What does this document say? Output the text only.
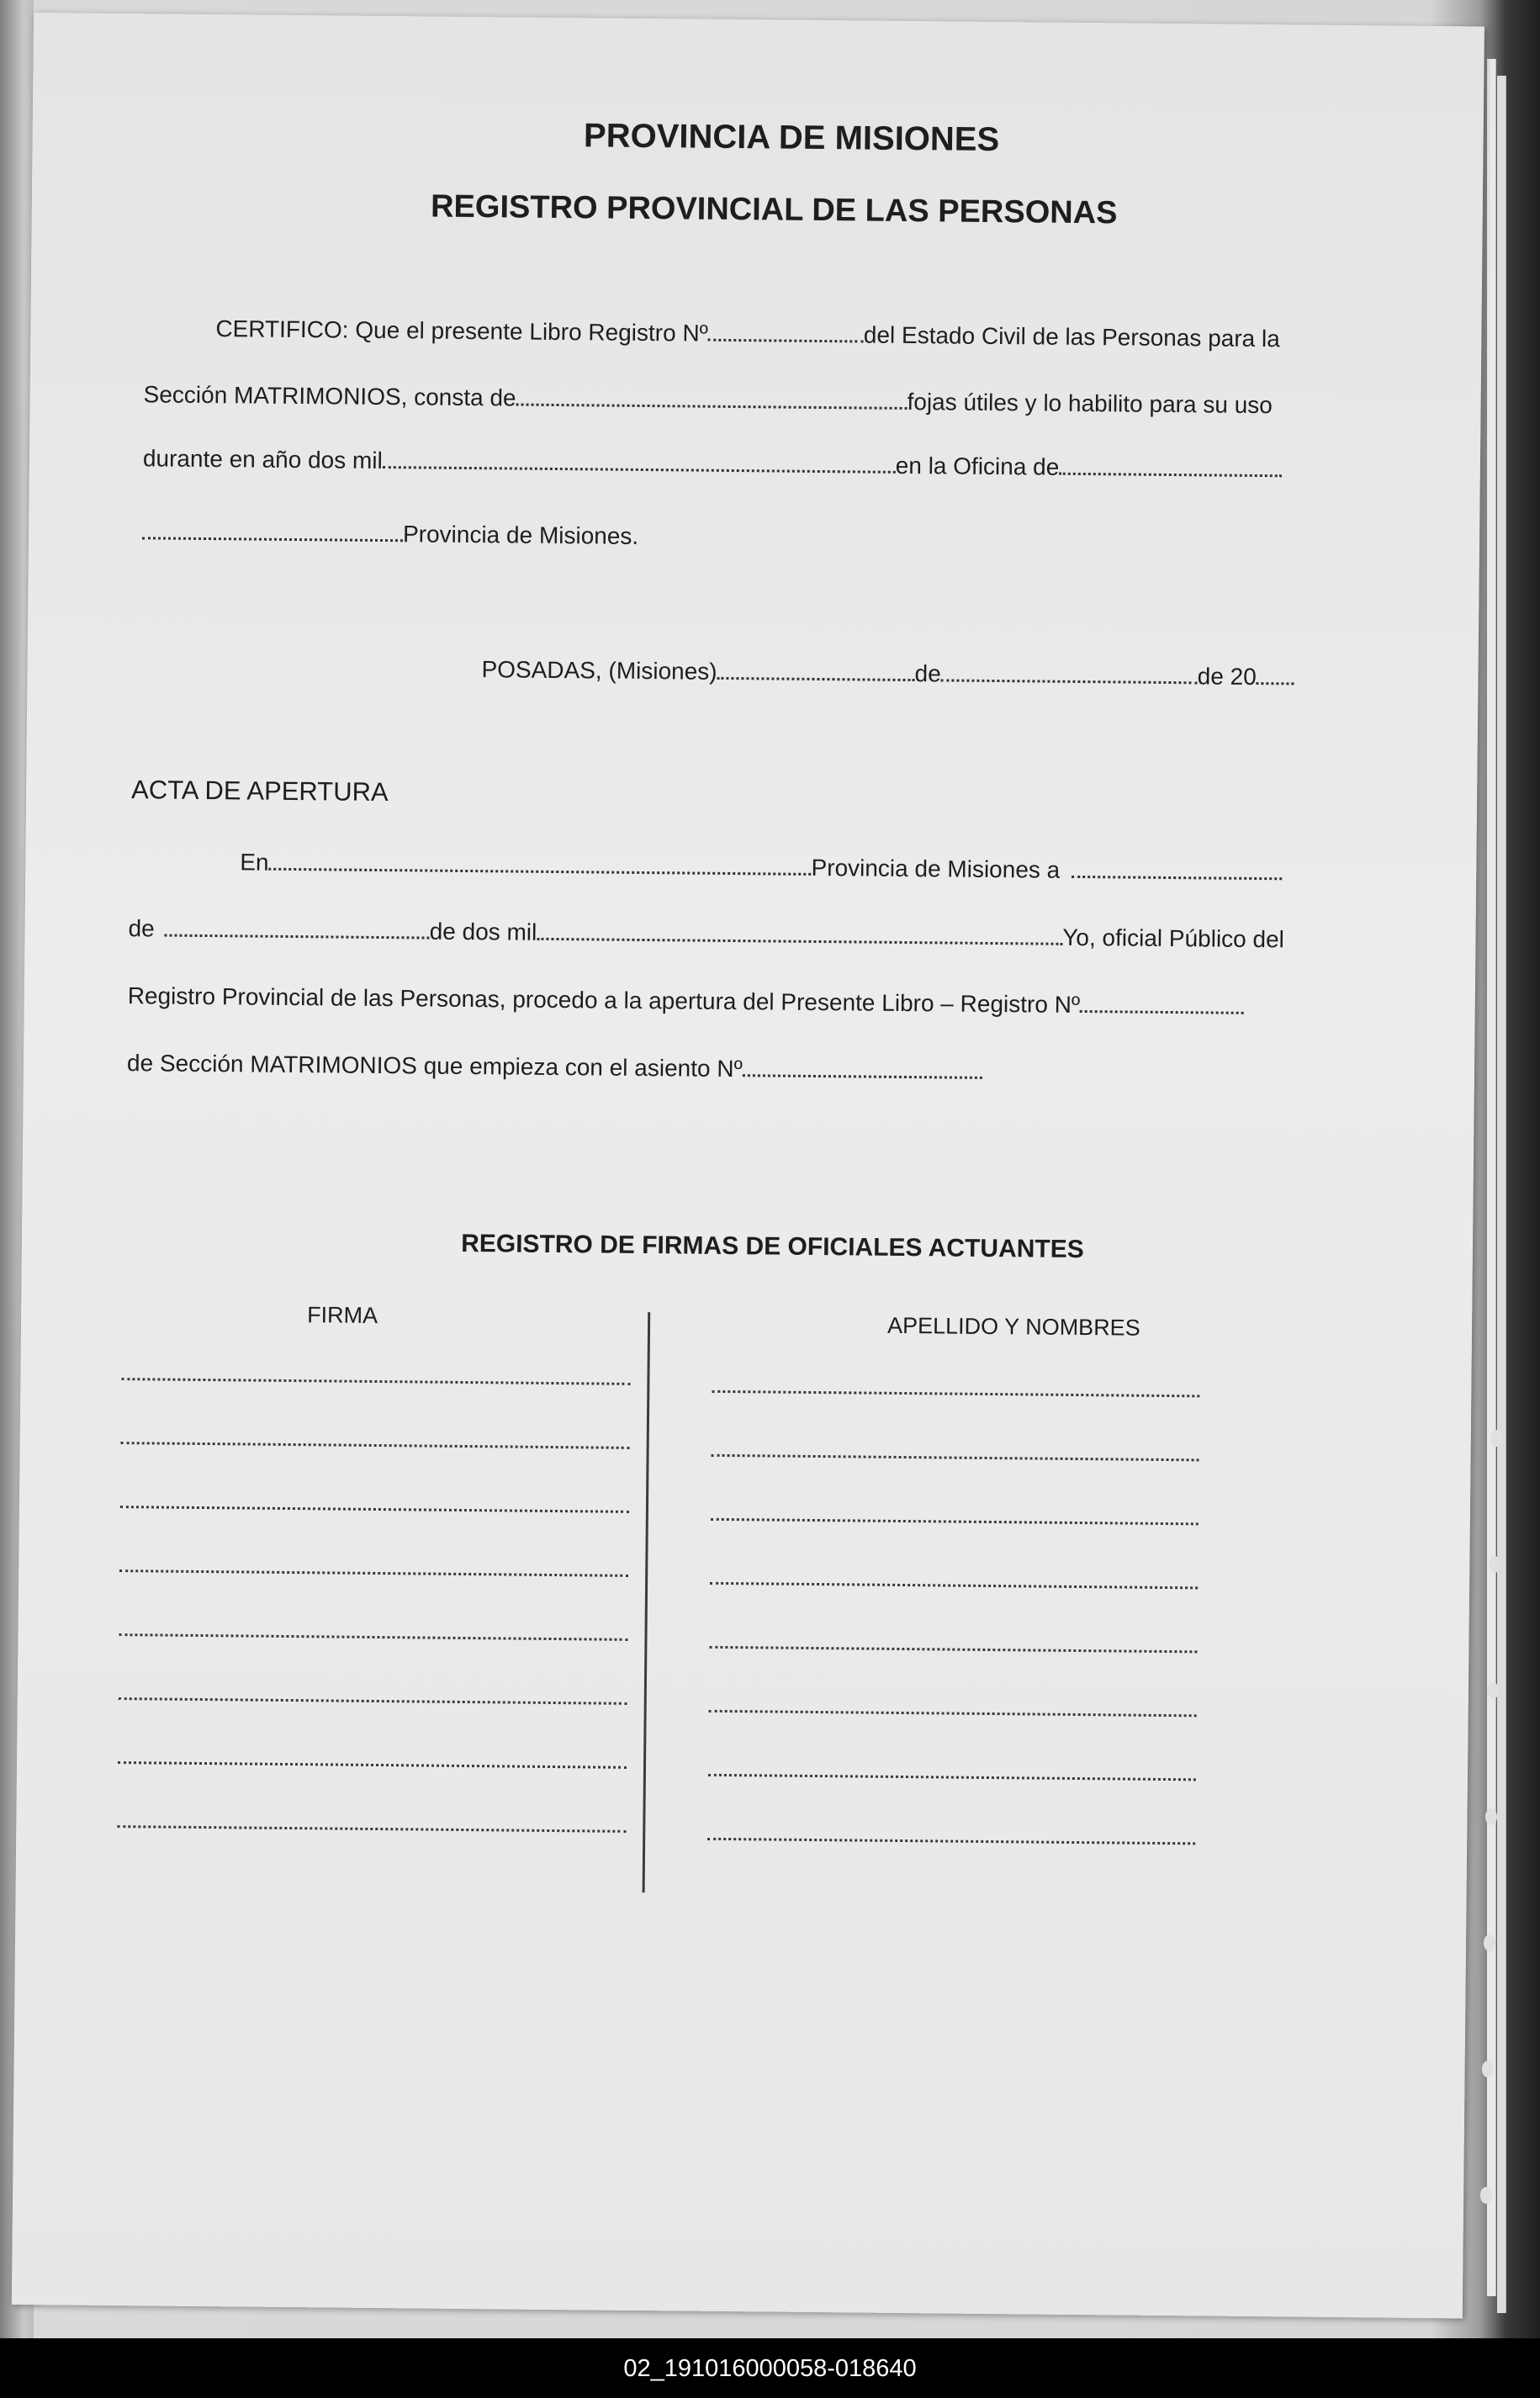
PROVINCIA DE MISIONES
REGISTRO PROVINCIAL DE LAS PERSONAS
CERTIFICO: Que el presente Libro Registro Nº	del Estado Civil de las Personas para la
Sección MATRIMONIOS, consta de	fojas útiles y lo habilito para su uso
durante en año dos mil	en la Oficina de
Provincia de Misiones.
POSADAS, (Misiones)	de	de 20
ACTA DE APERTURA
En	Provincia de Misiones a
de	de dos mil	Yo, oficial Público del
Registro Provincial de las Personas, procedo a la apertura del Presente Libro – Registro Nº
de Sección MATRIMONIOS que empieza con el asiento Nº
REGISTRO DE FIRMAS DE OFICIALES ACTUANTES
FIRMA	APELLIDO Y NOMBRES
02_191016000058-018640
